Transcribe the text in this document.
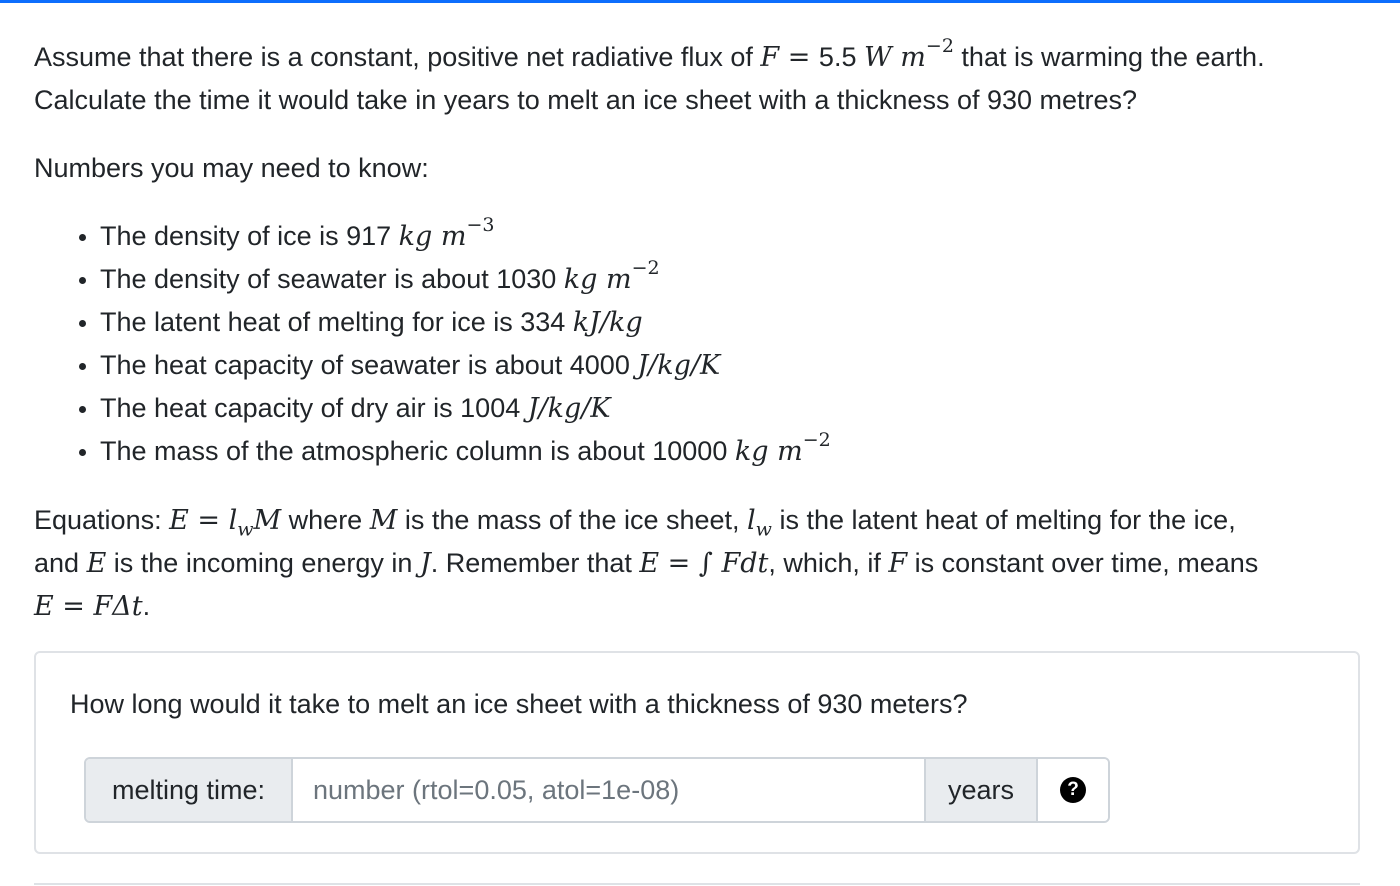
Assume that there is a constant, positive net radiative flux of F = 5.5 W $m^{-2}$ that is warming the earth.
Calculate the time it would take in years to melt an ice sheet with a thickness of 930 metres?

Numbers you may need to know:

• The density of ice is 917 kg $m^{-3}$
• The density of seawater is about 1030 kg $m^{-2}$
• The latent heat of melting for ice is 334 kJ/kg
• The heat capacity of seawater is about 4000 J/kg/K
• The heat capacity of dry air is 1004 J/kg/K
• The mass of the atmospheric column is about 10000 kg $m^{-2}$

Equations: $E = l_wM$ where M is the mass of the ice sheet, $l_w$ is the latent heat of melting for the ice,
and E is the incoming energy in J. Remember that E = ∫ Fdt, which, if F is constant over time, means
E = FΔt.

How long would it take to melt an ice sheet with a thickness of 930 meters?
melting time:
number (rtol=0.05, atol=1e-08)	years	?
